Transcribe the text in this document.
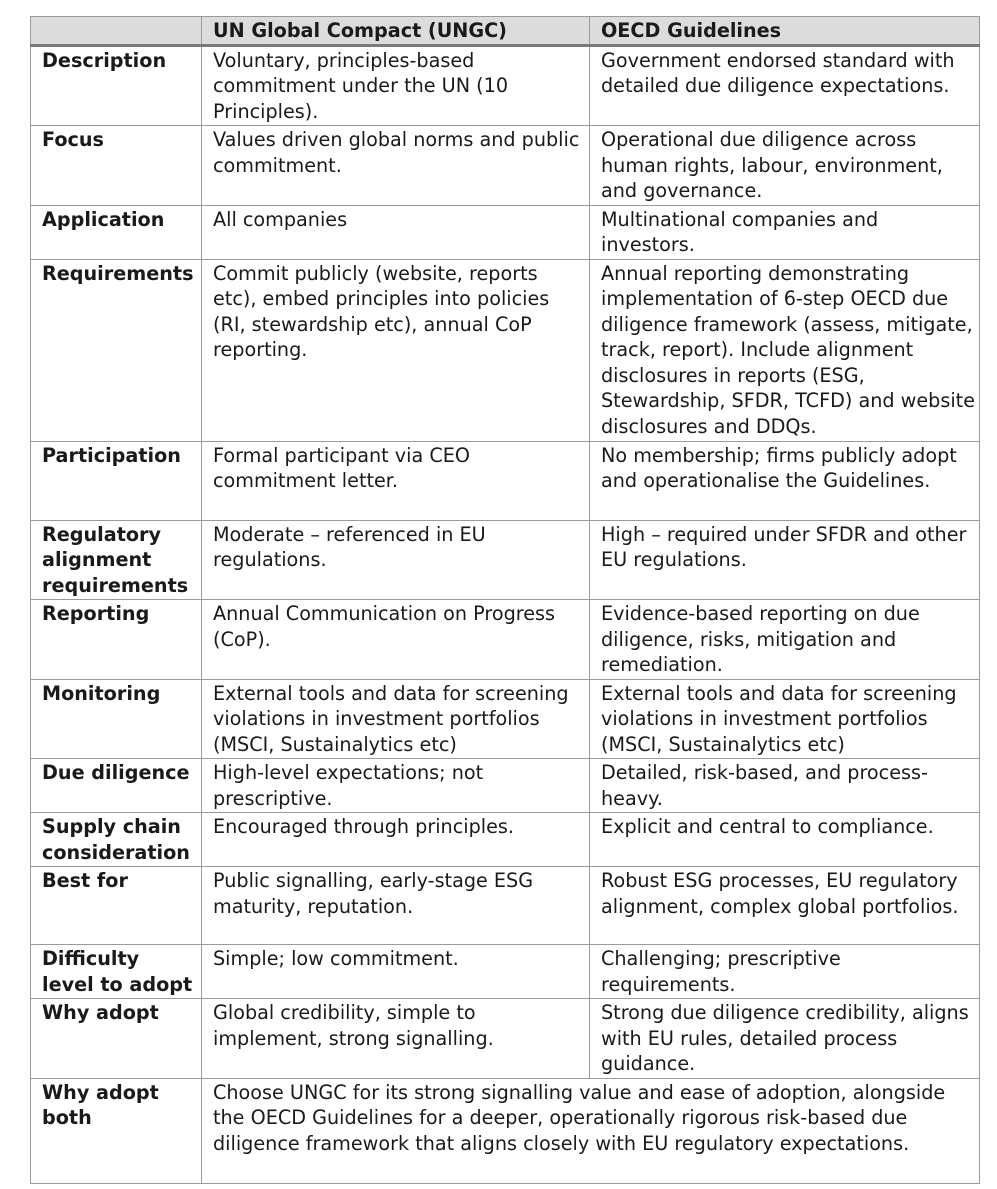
	UN Global Compact (UNGC)	OECD Guidelines
Description	Voluntary, principles-based commitment under the UN (10 Principles).	Government endorsed standard with detailed due diligence expectations.
Focus	Values driven global norms and public commitment.	Operational due diligence across human rights, labour, environment, and governance.
Application	All companies	Multinational companies and investors.
Requirements	Commit publicly (website, reports etc), embed principles into policies (RI, stewardship etc), annual CoP reporting.	Annual reporting demonstrating implementation of 6-step OECD due diligence framework (assess, mitigate, track, report). Include alignment disclosures in reports (ESG, Stewardship, SFDR, TCFD) and website disclosures and DDQs.
Participation	Formal participant via CEO commitment letter.	No membership; firms publicly adopt and operationalise the Guidelines.
Regulatory alignment requirements	Moderate – referenced in EU regulations.	High – required under SFDR and other EU regulations.
Reporting	Annual Communication on Progress (CoP).	Evidence-based reporting on due diligence, risks, mitigation and remediation.
Monitoring	External tools and data for screening violations in investment portfolios (MSCI, Sustainalytics etc)	External tools and data for screening violations in investment portfolios (MSCI, Sustainalytics etc)
Due diligence	High-level expectations; not prescriptive.	Detailed, risk-based, and process-heavy.
Supply chain consideration	Encouraged through principles.	Explicit and central to compliance.
Best for	Public signalling, early-stage ESG maturity, reputation.	Robust ESG processes, EU regulatory alignment, complex global portfolios.
Difficulty level to adopt	Simple; low commitment.	Challenging; prescriptive requirements.
Why adopt	Global credibility, simple to implement, strong signalling.	Strong due diligence credibility, aligns with EU rules, detailed process guidance.
Why adopt both	Choose UNGC for its strong signalling value and ease of adoption, alongside the OECD Guidelines for a deeper, operationally rigorous risk-based due diligence framework that aligns closely with EU regulatory expectations.	
